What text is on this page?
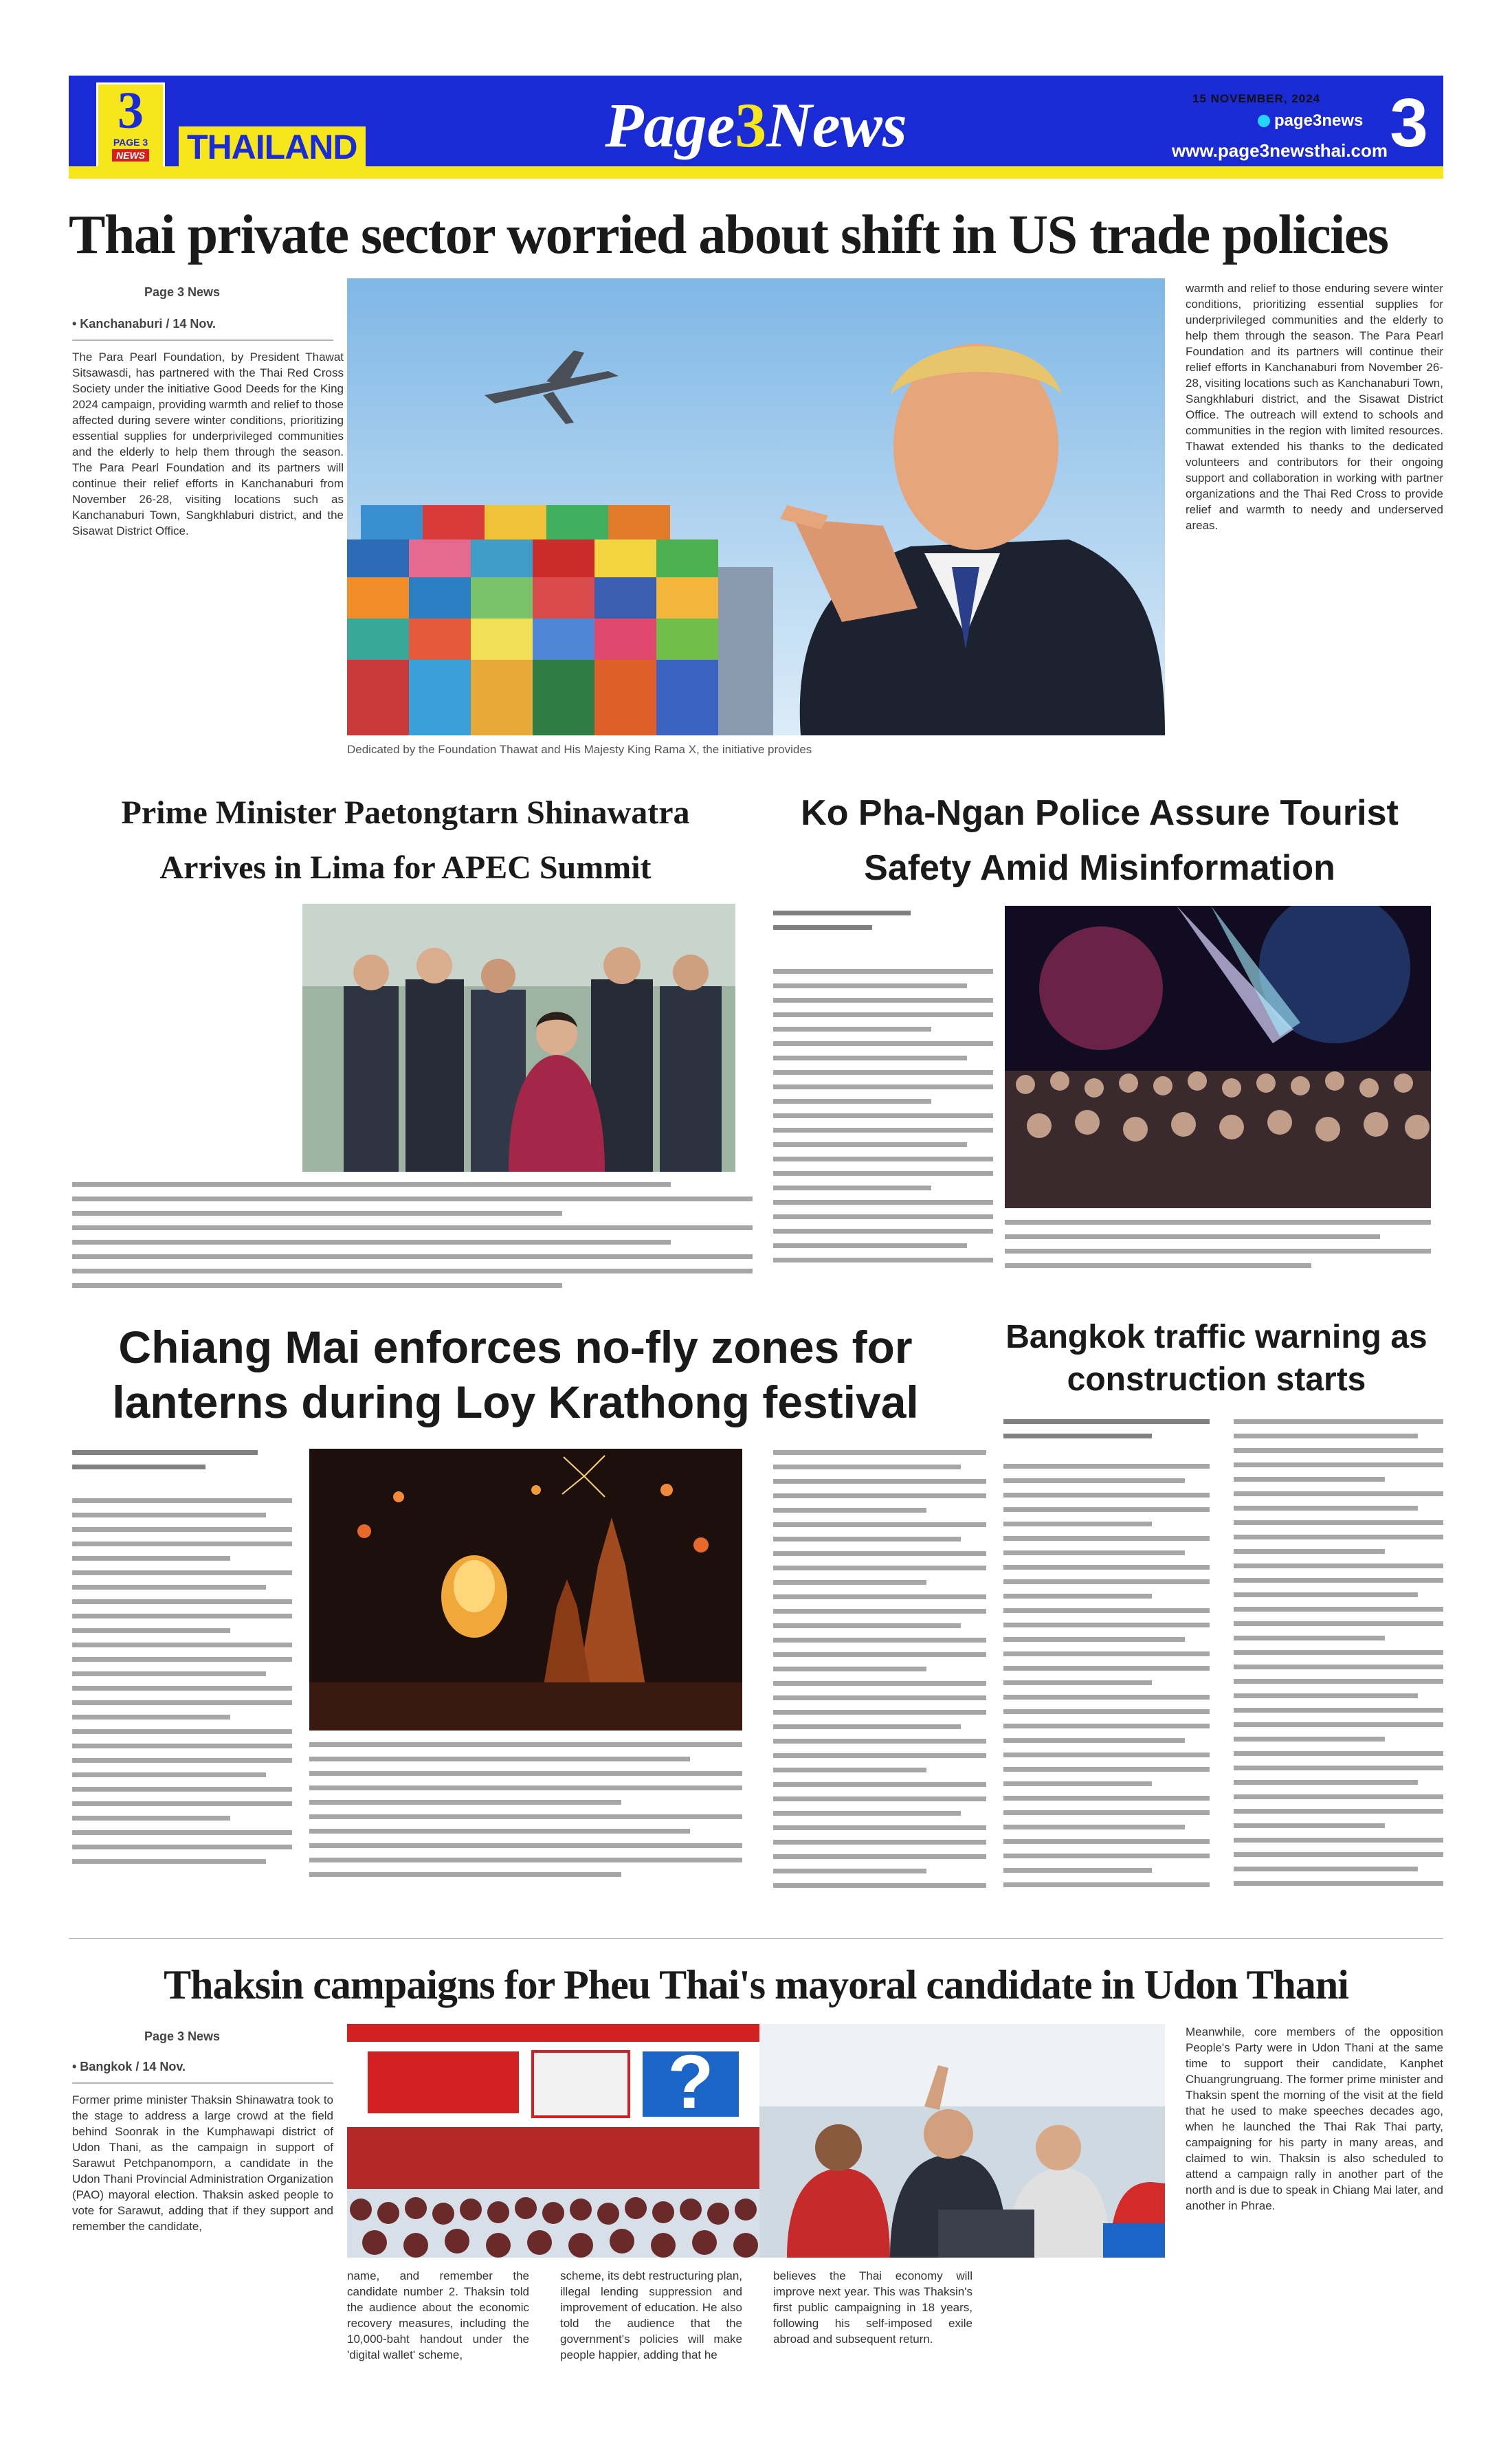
3
PAGE 3
NEWS	THAILAND	Page3News	page3news
www.page3newsthai.com 3
15 NOVEMBER, 2024
Thai private sector worried about shift in US trade policies
Page 3 News
• Kanchanaburi / 14 Nov.
The Para Pearl Foundation, by President Thawat Sitsawasdi, has partnered with the Thai Red Cross Society under the initiative Good Deeds for the King 2024 campaign, providing warmth and relief to those affected during severe winter conditions, prioritizing essential supplies for underprivileged communities and the elderly to help them through the season. The Para Pearl Foundation and its partners will continue their relief efforts in Kanchanaburi from November 26-28, visiting locations such as Kanchanaburi Town, Sangkhlaburi district, and the Sisawat District Office.
Dedicated by the Foundation Thawat and His Majesty King Rama X, the initiative provides
warmth and relief to those enduring severe winter conditions, prioritizing essential supplies for underprivileged communities and the elderly to help them through the season. The Para Pearl Foundation and its partners will continue their relief efforts in Kanchanaburi from November 26-28, visiting locations such as Kanchanaburi Town, Sangkhlaburi district, and the Sisawat District Office. The outreach will extend to schools and communities in the region with limited resources. Thawat extended his thanks to the dedicated volunteers and contributors for their ongoing support and collaboration in working with partner organizations and the Thai Red Cross to provide relief and warmth to needy and underserved areas.
Prime Minister Paetongtarn Shinawatra Arrives in Lima for APEC Summit
Ko Pha-Ngan Police Assure Tourist Safety Amid Misinformation
Chiang Mai enforces no-fly zones for lanterns during Loy Krathong festival
Bangkok traffic warning as construction starts
Thaksin campaigns for Pheu Thai's mayoral candidate in Udon Thani
Page 3 News
• Bangkok / 14 Nov.
Former prime minister Thaksin Shinawatra took to the stage to address a large crowd at the field behind Soonrak in the Kumphawapi district of Udon Thani, as the campaign in support of Sarawut Petchpanomporn, a candidate in the Udon Thani Provincial Administration Organization (PAO) mayoral election. Thaksin asked people to vote for Sarawut, adding that if they support and remember the candidate,
?
name, and remember the candidate number 2. Thaksin told the audience about the economic recovery measures, including the 10,000-baht handout under the 'digital wallet' scheme,
scheme, its debt restructuring plan, illegal lending suppression and improvement of education. He also told the audience that the government's policies will make people happier, adding that he
believes the Thai economy will improve next year. This was Thaksin's first public campaigning in 18 years, following his self-imposed exile abroad and subsequent return.
Meanwhile, core members of the opposition People's Party were in Udon Thani at the same time to support their candidate, Kanphet Chuangrungruang. The former prime minister and Thaksin spent the morning of the visit at the field that he used to make speeches decades ago, when he launched the Thai Rak Thai party, campaigning for his party in many areas, and claimed to win. Thaksin is also scheduled to attend a campaign rally in another part of the north and is due to speak in Chiang Mai later, and another in Phrae.
